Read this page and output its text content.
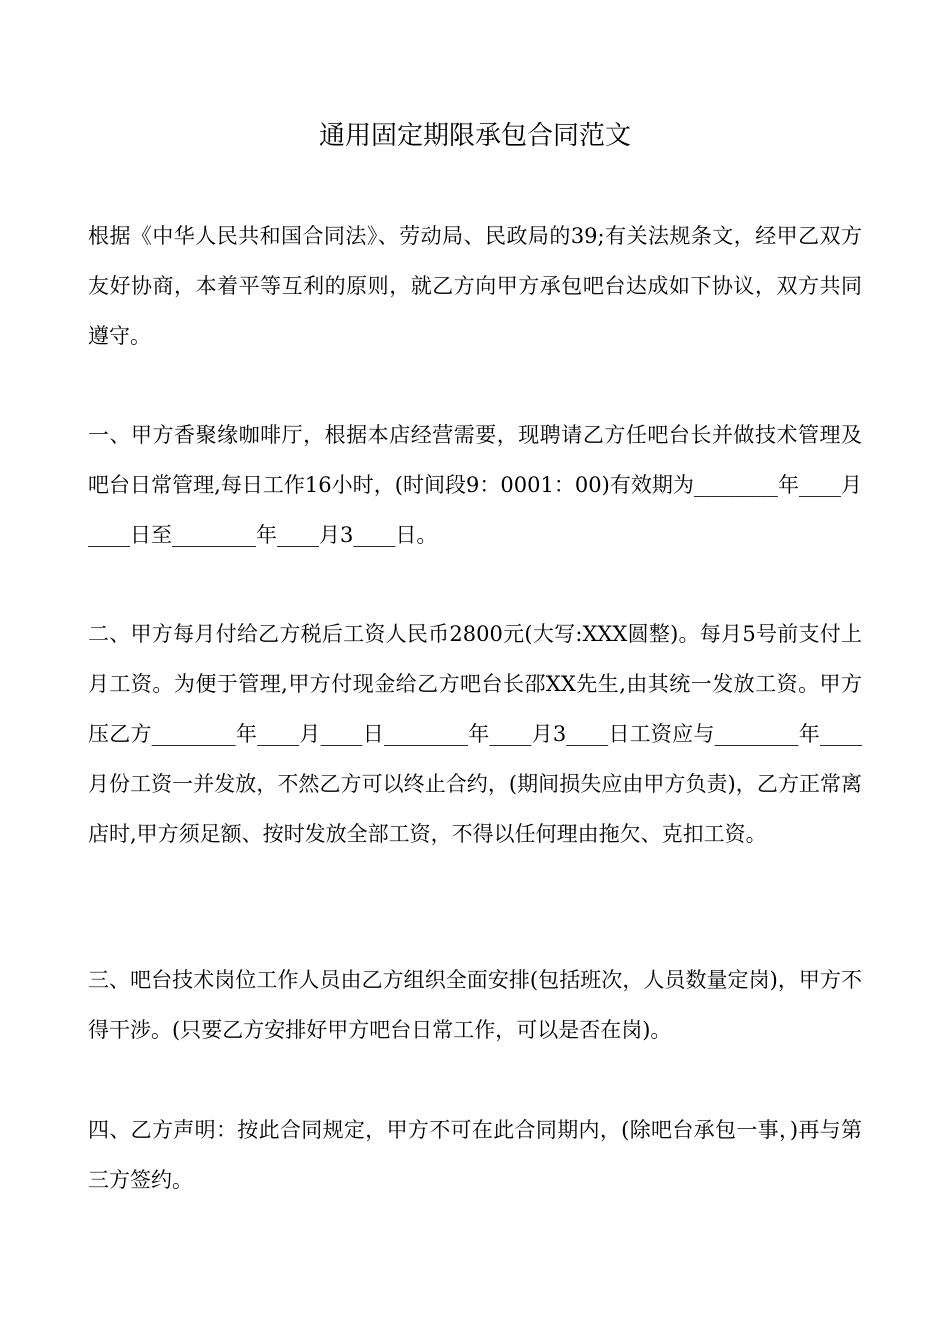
通用固定期限承包合同范文

根据《中华人民共和国合同法》、劳动局、民政局的39;有关法规条文，经甲乙双方友好协商，本着平等互利的原则，就乙方向甲方承包吧台达成如下协议，双方共同遵守。

一、甲方香聚缘咖啡厅，根据本店经营需要，现聘请乙方任吧台长并做技术管理及吧台日常管理,每日工作16小时，(时间段9：0001：00)有效期为________年____月____日至________年____月3____日。

二、甲方每月付给乙方税后工资人民币2800元(大写:XXX圆整)。每月5号前支付上月工资。为便于管理,甲方付现金给乙方吧台长邵XX先生,由其统一发放工资。甲方压乙方________年____月____日________年____月3____日工资应与________年____月份工资一并发放，不然乙方可以终止合约，(期间损失应由甲方负责)，乙方正常离店时,甲方须足额、按时发放全部工资，不得以任何理由拖欠、克扣工资。

三、吧台技术岗位工作人员由乙方组织全面安排(包括班次，人员数量定岗)，甲方不得干涉。(只要乙方安排好甲方吧台日常工作，可以是否在岗)。

四、乙方声明：按此合同规定，甲方不可在此合同期内，(除吧台承包一事，)再与第三方签约。
